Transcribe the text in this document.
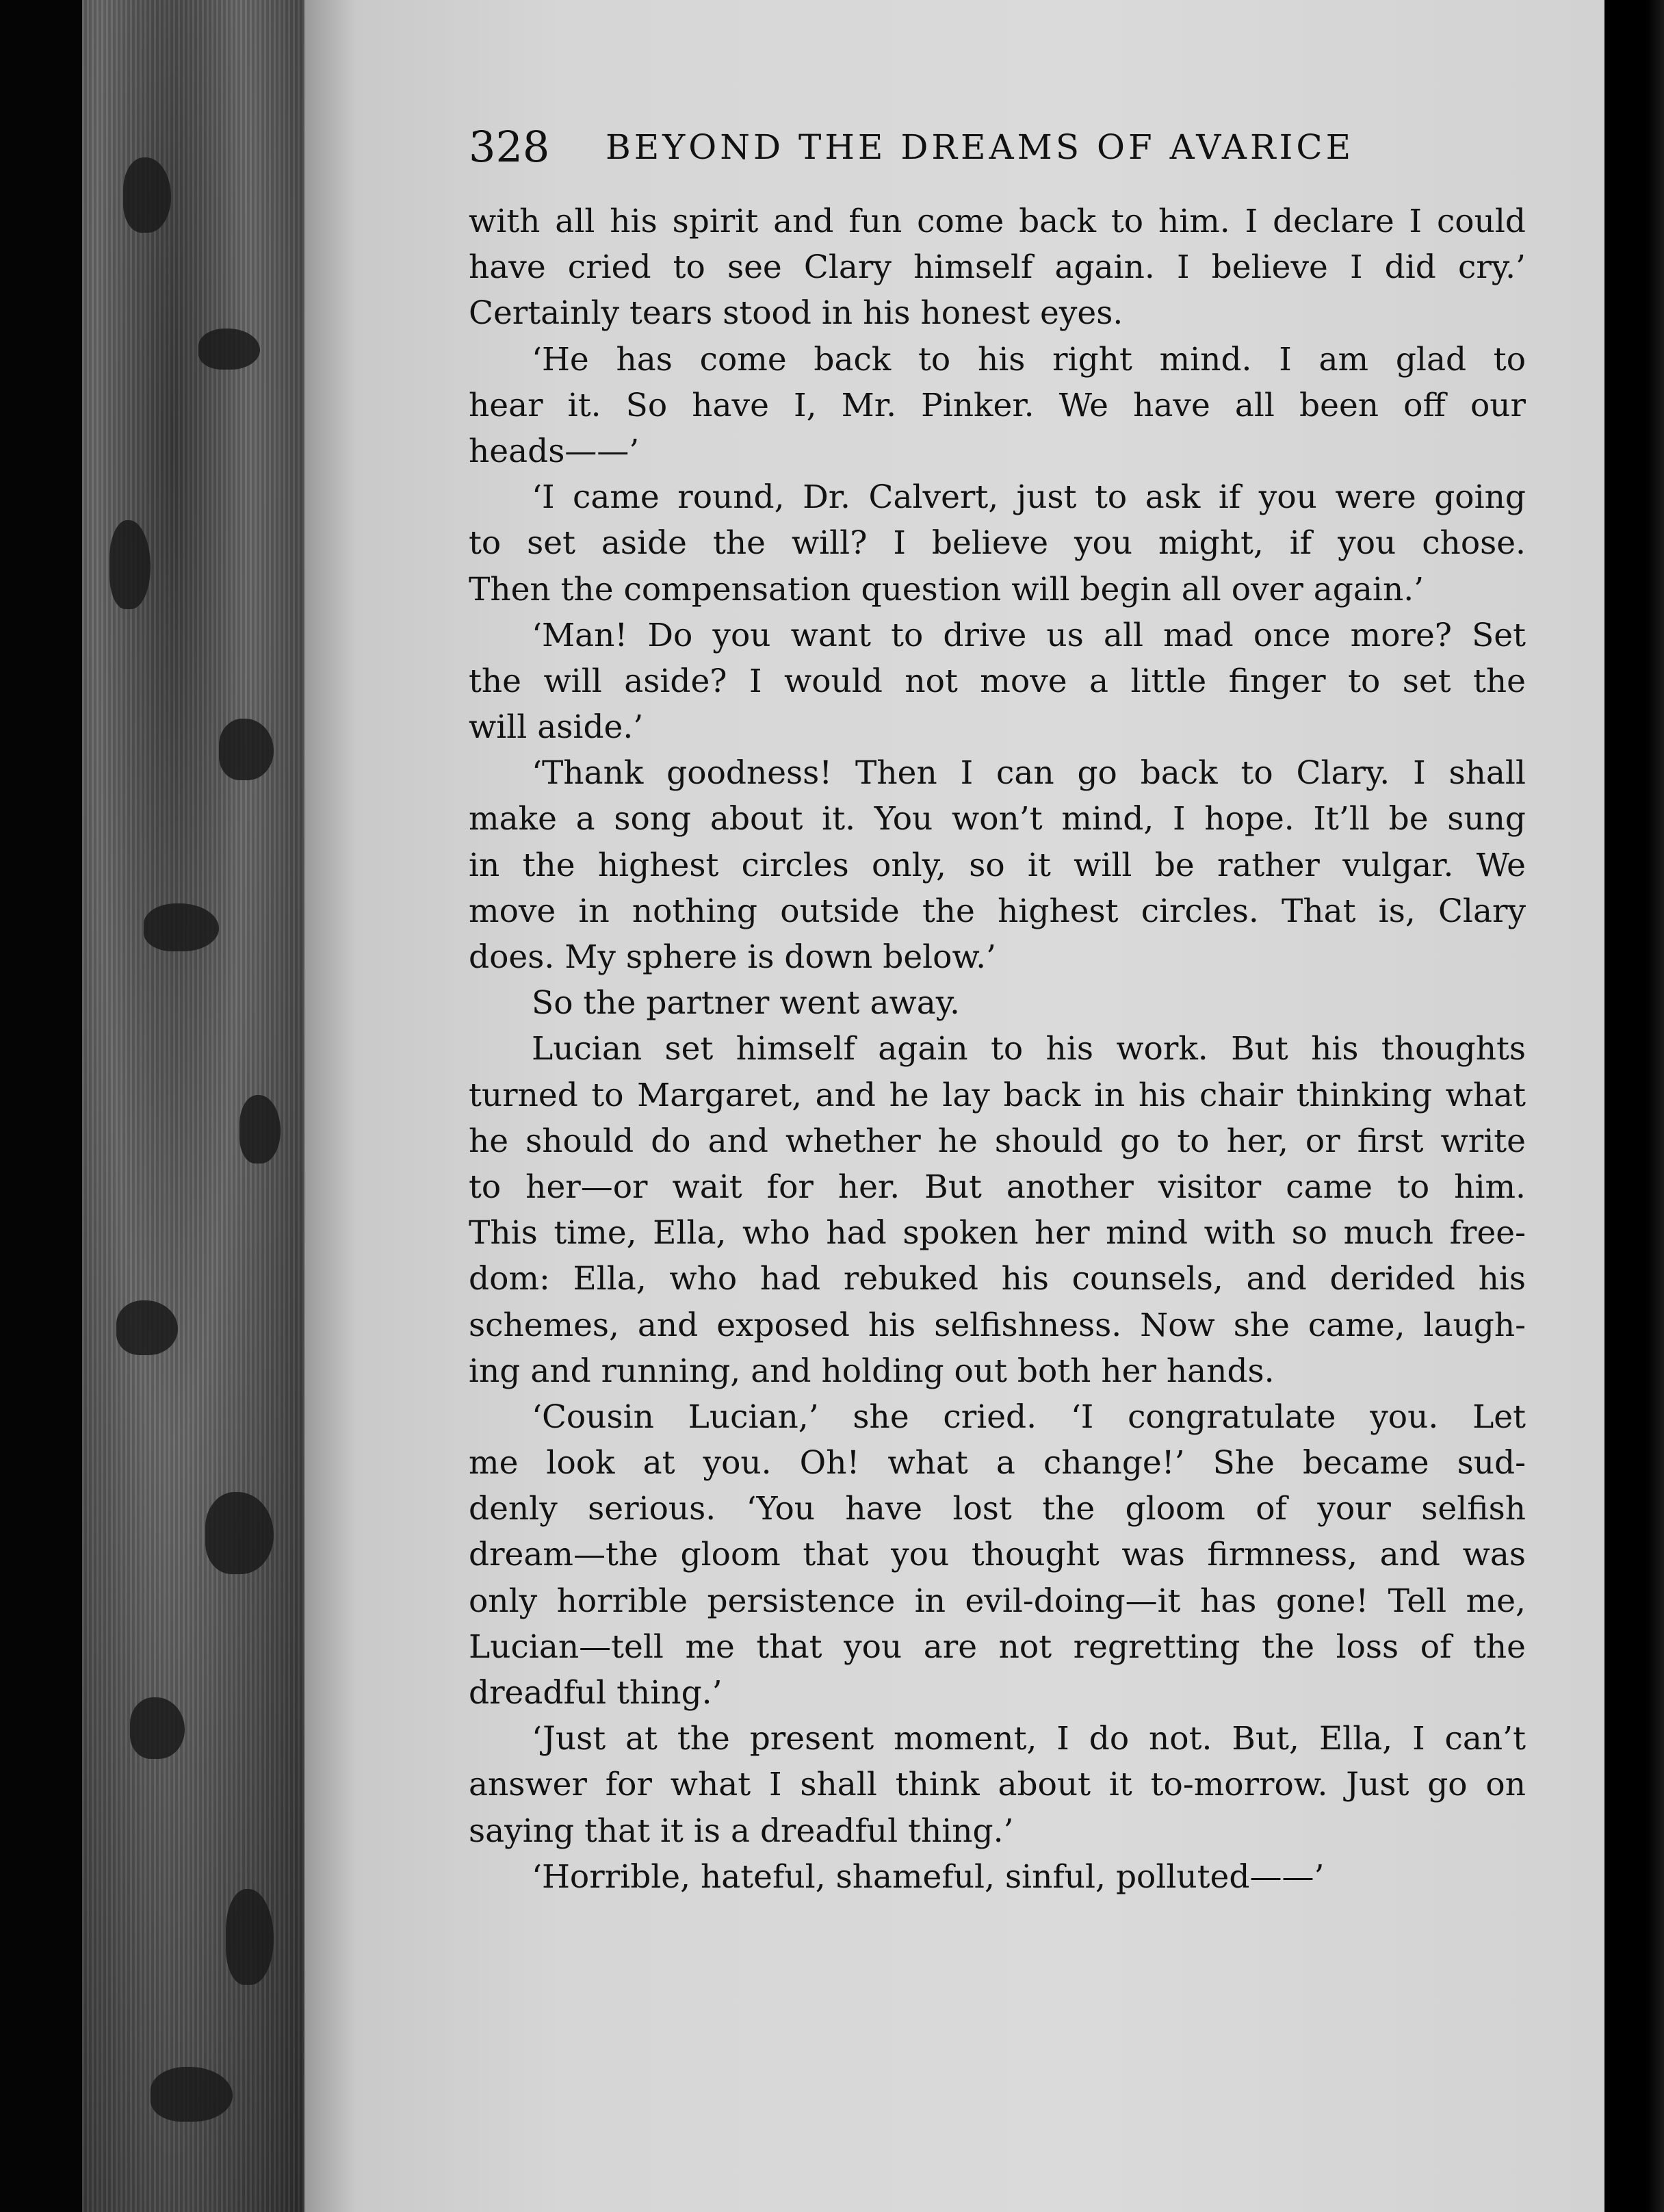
328 BEYOND THE DREAMS OF AVARICE
with all his spirit and fun come back to him. I declare I could
have cried to see Clary himself again. I believe I did cry.’
Certainly tears stood in his honest eyes.
‘He has come back to his right mind. I am glad to
hear it. So have I, Mr. Pinker. We have all been off our
heads——’
‘I came round, Dr. Calvert, just to ask if you were going
to set aside the will? I believe you might, if you chose.
Then the compensation question will begin all over again.’
‘Man! Do you want to drive us all mad once more? Set
the will aside? I would not move a little finger to set the
will aside.’
‘Thank goodness! Then I can go back to Clary. I shall
make a song about it. You won’t mind, I hope. It’ll be sung
in the highest circles only, so it will be rather vulgar. We
move in nothing outside the highest circles. That is, Clary
does. My sphere is down below.’
So the partner went away.
Lucian set himself again to his work. But his thoughts
turned to Margaret, and he lay back in his chair thinking what
he should do and whether he should go to her, or first write
to her—or wait for her. But another visitor came to him.
This time, Ella, who had spoken her mind with so much free-
dom: Ella, who had rebuked his counsels, and derided his
schemes, and exposed his selfishness. Now she came, laugh-
ing and running, and holding out both her hands.
‘Cousin Lucian,’ she cried. ‘I congratulate you. Let
me look at you. Oh! what a change!’ She became sud-
denly serious. ‘You have lost the gloom of your selfish
dream—the gloom that you thought was firmness, and was
only horrible persistence in evil-doing—it has gone! Tell me,
Lucian—tell me that you are not regretting the loss of the
dreadful thing.’
‘Just at the present moment, I do not. But, Ella, I can’t
answer for what I shall think about it to-morrow. Just go on
saying that it is a dreadful thing.’
‘Horrible, hateful, shameful, sinful, polluted——’
